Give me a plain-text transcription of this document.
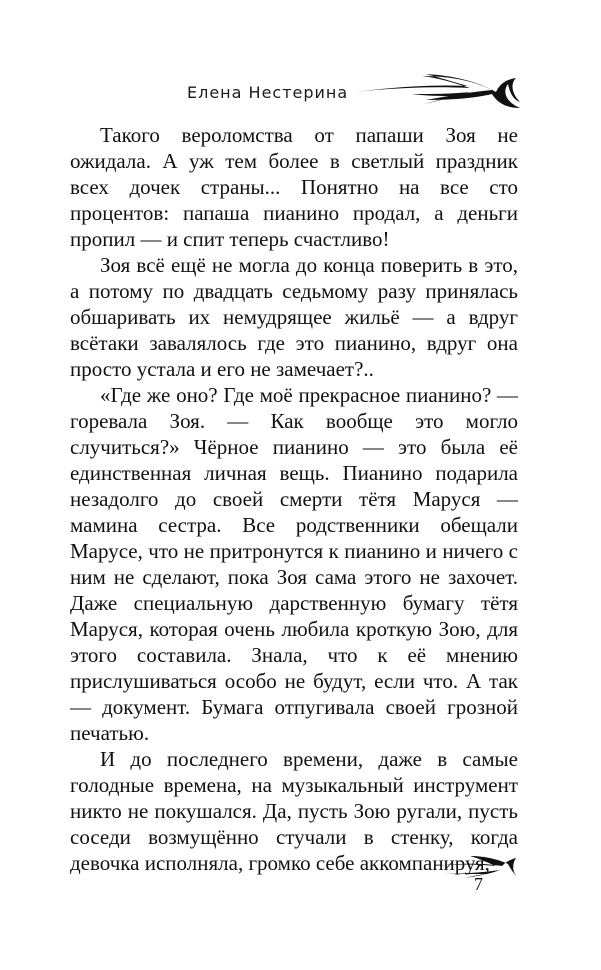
Елена Нестерина

Такого вероломства от папаши Зоя не ожидала. А уж тем более в светлый праздник всех дочек страны... Понятно на все сто процентов: папаша пианино продал, а деньги пропил — и спит теперь счастливо!

Зоя всё ещё не могла до конца поверить в это, а потому по двадцать седьмому разу принялась обшаривать их немудрящее жильё — а вдруг всётаки завалялось где это пианино, вдруг она просто устала и его не замечает?..

«Где же оно? Где моё прекрасное пианино? — горевала Зоя. — Как вообще это могло случиться?» Чёрное пианино — это была её единственная личная вещь. Пианино подарила незадолго до своей смерти тётя Маруся — мамина сестра. Все родственники обещали Марусе, что не притронутся к пианино и ничего с ним не сделают, пока Зоя сама этого не захочет. Даже специальную дарственную бумагу тётя Маруся, которая очень любила кроткую Зою, для этого составила. Знала, что к её мнению прислушиваться особо не будут, если что. А так — документ. Бумага отпугивала своей грозной печатью.

И до последнего времени, даже в самые голодные времена, на музыкальный инструмент никто не покушался. Да, пусть Зою ругали, пусть соседи возмущённо стучали в стенку, когда девочка исполняла, громко себе аккомпанируя,

7
